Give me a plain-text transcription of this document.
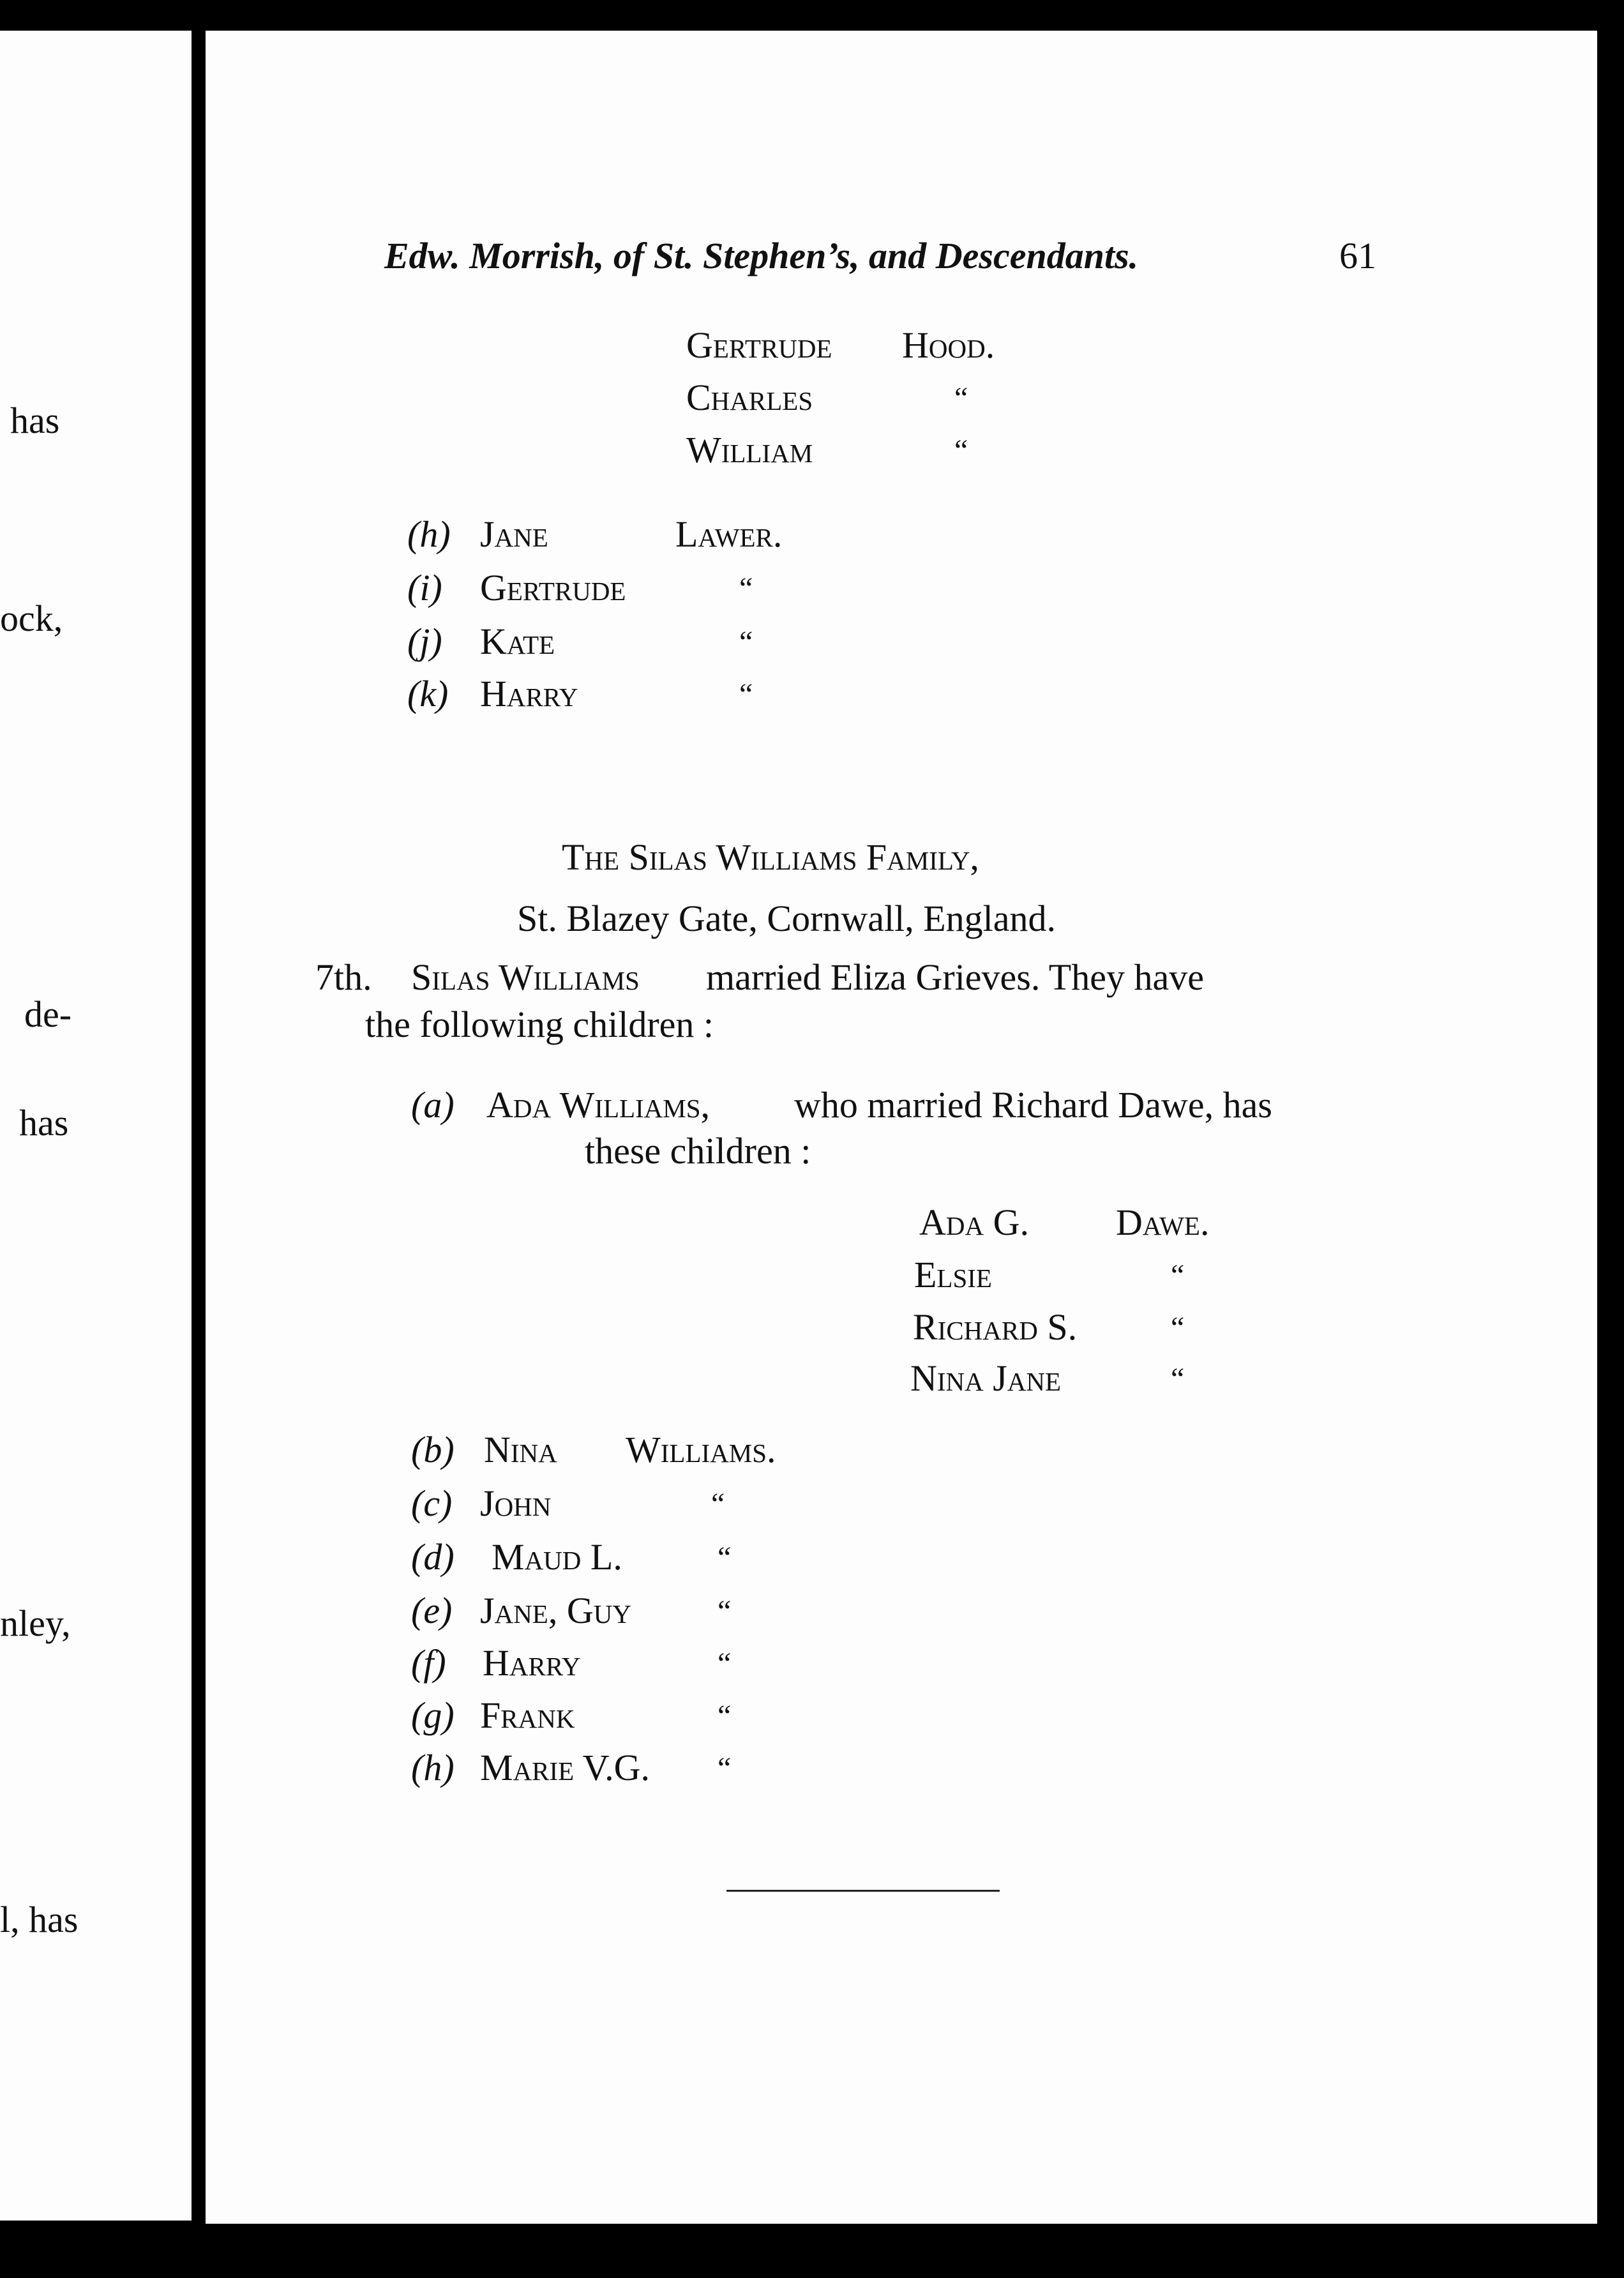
has
ock,
de-
has
nley,
l, has
Edw. Morrish, of St. Stephen’s, and Descendants.	61
Gertrude Hood.
Charles	“
William	“
(h) Jane	Lawer.
(i) Gertrude	“
(j) Kate	“
(k) Harry	“
The Silas Williams Family,
St. Blazey Gate, Cornwall, England.
7th. Silas Williams married Eliza Grieves. They have
the following children :
(a) Ada Williams, who married Richard Dawe, has
these children :
Ada G. Dawe.
Elsie	“
Richard S.	“
Nina Jane	“
(b) Nina Williams.
(c) John	“
(d) Maud L.	“
(e) Jane, Guy	“
(f) Harry	“
(g) Frank	“
(h) Marie V.G. “
